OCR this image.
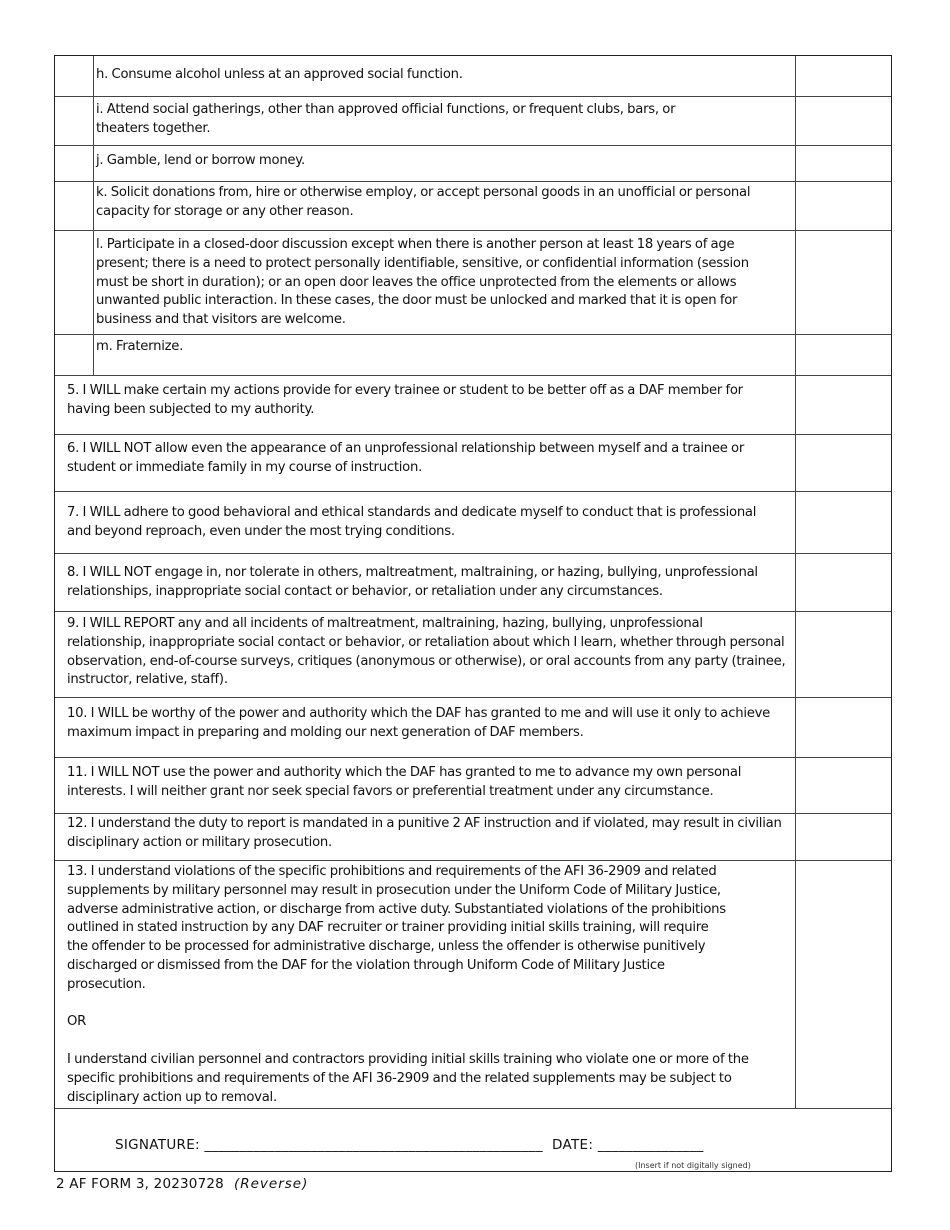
h. Consume alcohol unless at an approved social function.
i. Attend social gatherings, other than approved official functions, or frequent clubs, bars, or
theaters together.
j. Gamble, lend or borrow money.
k. Solicit donations from, hire or otherwise employ, or accept personal goods in an unofficial or personal
capacity for storage or any other reason.
l. Participate in a closed-door discussion except when there is another person at least 18 years of age
present; there is a need to protect personally identifiable, sensitive, or confidential information (session
must be short in duration); or an open door leaves the office unprotected from the elements or allows
unwanted public interaction. In these cases, the door must be unlocked and marked that it is open for
business and that visitors are welcome.
m. Fraternize.
5. I WILL make certain my actions provide for every trainee or student to be better off as a DAF member for
having been subjected to my authority.
6. I WILL NOT allow even the appearance of an unprofessional relationship between myself and a trainee or
student or immediate family in my course of instruction.
7. I WILL adhere to good behavioral and ethical standards and dedicate myself to conduct that is professional
and beyond reproach, even under the most trying conditions.
8. I WILL NOT engage in, nor tolerate in others, maltreatment, maltraining, or hazing, bullying, unprofessional
relationships, inappropriate social contact or behavior, or retaliation under any circumstances.
9. I WILL REPORT any and all incidents of maltreatment, maltraining, hazing, bullying, unprofessional
relationship, inappropriate social contact or behavior, or retaliation about which I learn, whether through personal
observation, end-of-course surveys, critiques (anonymous or otherwise), or oral accounts from any party (trainee,
instructor, relative, staff).
10. I WILL be worthy of the power and authority which the DAF has granted to me and will use it only to achieve
maximum impact in preparing and molding our next generation of DAF members.
11. I WILL NOT use the power and authority which the DAF has granted to me to advance my own personal
interests. I will neither grant nor seek special favors or preferential treatment under any circumstance.
12. I understand the duty to report is mandated in a punitive 2 AF instruction and if violated, may result in civilian
disciplinary action or military prosecution.
13. I understand violations of the specific prohibitions and requirements of the AFI 36-2909 and related
supplements by military personnel may result in prosecution under the Uniform Code of Military Justice,
adverse administrative action, or discharge from active duty. Substantiated violations of the prohibitions
outlined in stated instruction by any DAF recruiter or trainer providing initial skills training, will require
the offender to be processed for administrative discharge, unless the offender is otherwise punitively
discharged or dismissed from the DAF for the violation through Uniform Code of Military Justice
prosecution.

OR

I understand civilian personnel and contractors providing initial skills training who violate one or more of the
specific prohibitions and requirements of the AFI 36-2909 and the related supplements may be subject to
disciplinary action up to removal.
SIGNATURE: ________________________________________________  DATE: _______________
(Insert if not digitally signed)
2 AF FORM 3, 20230728 (Reverse)
